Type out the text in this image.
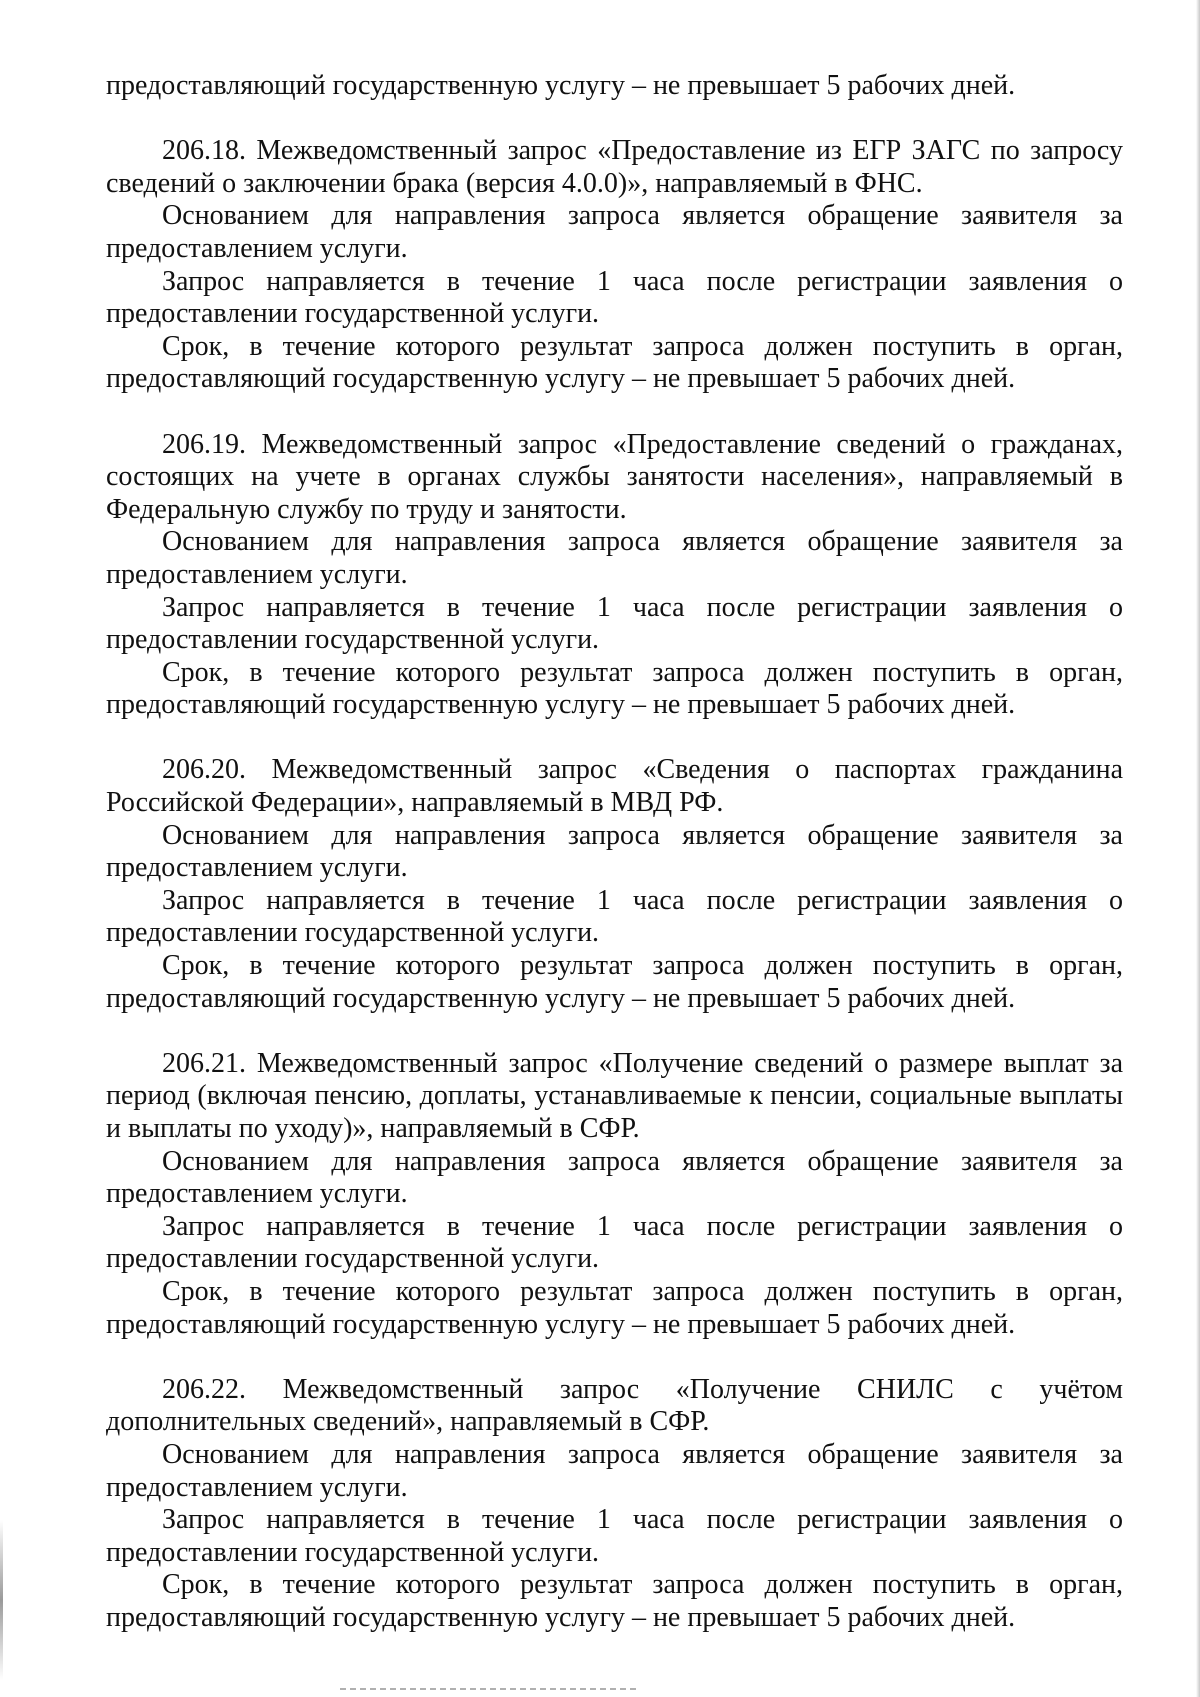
предоставляющий государственную услугу – не превышает 5 рабочих дней.

206.18. Межведомственный запрос «Предоставление из ЕГР ЗАГС по запросу сведений о заключении брака (версия 4.0.0)», направляемый в ФНС.

Основанием для направления запроса является обращение заявителя за предоставлением услуги.

Запрос направляется в течение 1 часа после регистрации заявления о предоставлении государственной услуги.

Срок, в течение которого результат запроса должен поступить в орган, предоставляющий государственную услугу – не превышает 5 рабочих дней.

206.19. Межведомственный запрос «Предоставление сведений о гражданах, состоящих на учете в органах службы занятости населения», направляемый в Федеральную службу по труду и занятости.

Основанием для направления запроса является обращение заявителя за предоставлением услуги.

Запрос направляется в течение 1 часа после регистрации заявления о предоставлении государственной услуги.

Срок, в течение которого результат запроса должен поступить в орган, предоставляющий государственную услугу – не превышает 5 рабочих дней.

206.20. Межведомственный запрос «Сведения о паспортах гражданина Российской Федерации», направляемый в МВД РФ.

Основанием для направления запроса является обращение заявителя за предоставлением услуги.

Запрос направляется в течение 1 часа после регистрации заявления о предоставлении государственной услуги.

Срок, в течение которого результат запроса должен поступить в орган, предоставляющий государственную услугу – не превышает 5 рабочих дней.

206.21. Межведомственный запрос «Получение сведений о размере выплат за период (включая пенсию, доплаты, устанавливаемые к пенсии, социальные выплаты и выплаты по уходу)», направляемый в СФР.

Основанием для направления запроса является обращение заявителя за предоставлением услуги.

Запрос направляется в течение 1 часа после регистрации заявления о предоставлении государственной услуги.

Срок, в течение которого результат запроса должен поступить в орган, предоставляющий государственную услугу – не превышает 5 рабочих дней.

206.22. Межведомственный запрос «Получение СНИЛС с учётом дополнительных сведений», направляемый в СФР.

Основанием для направления запроса является обращение заявителя за предоставлением услуги.

Запрос направляется в течение 1 часа после регистрации заявления о предоставлении государственной услуги.

Срок, в течение которого результат запроса должен поступить в орган, предоставляющий государственную услугу – не превышает 5 рабочих дней.
